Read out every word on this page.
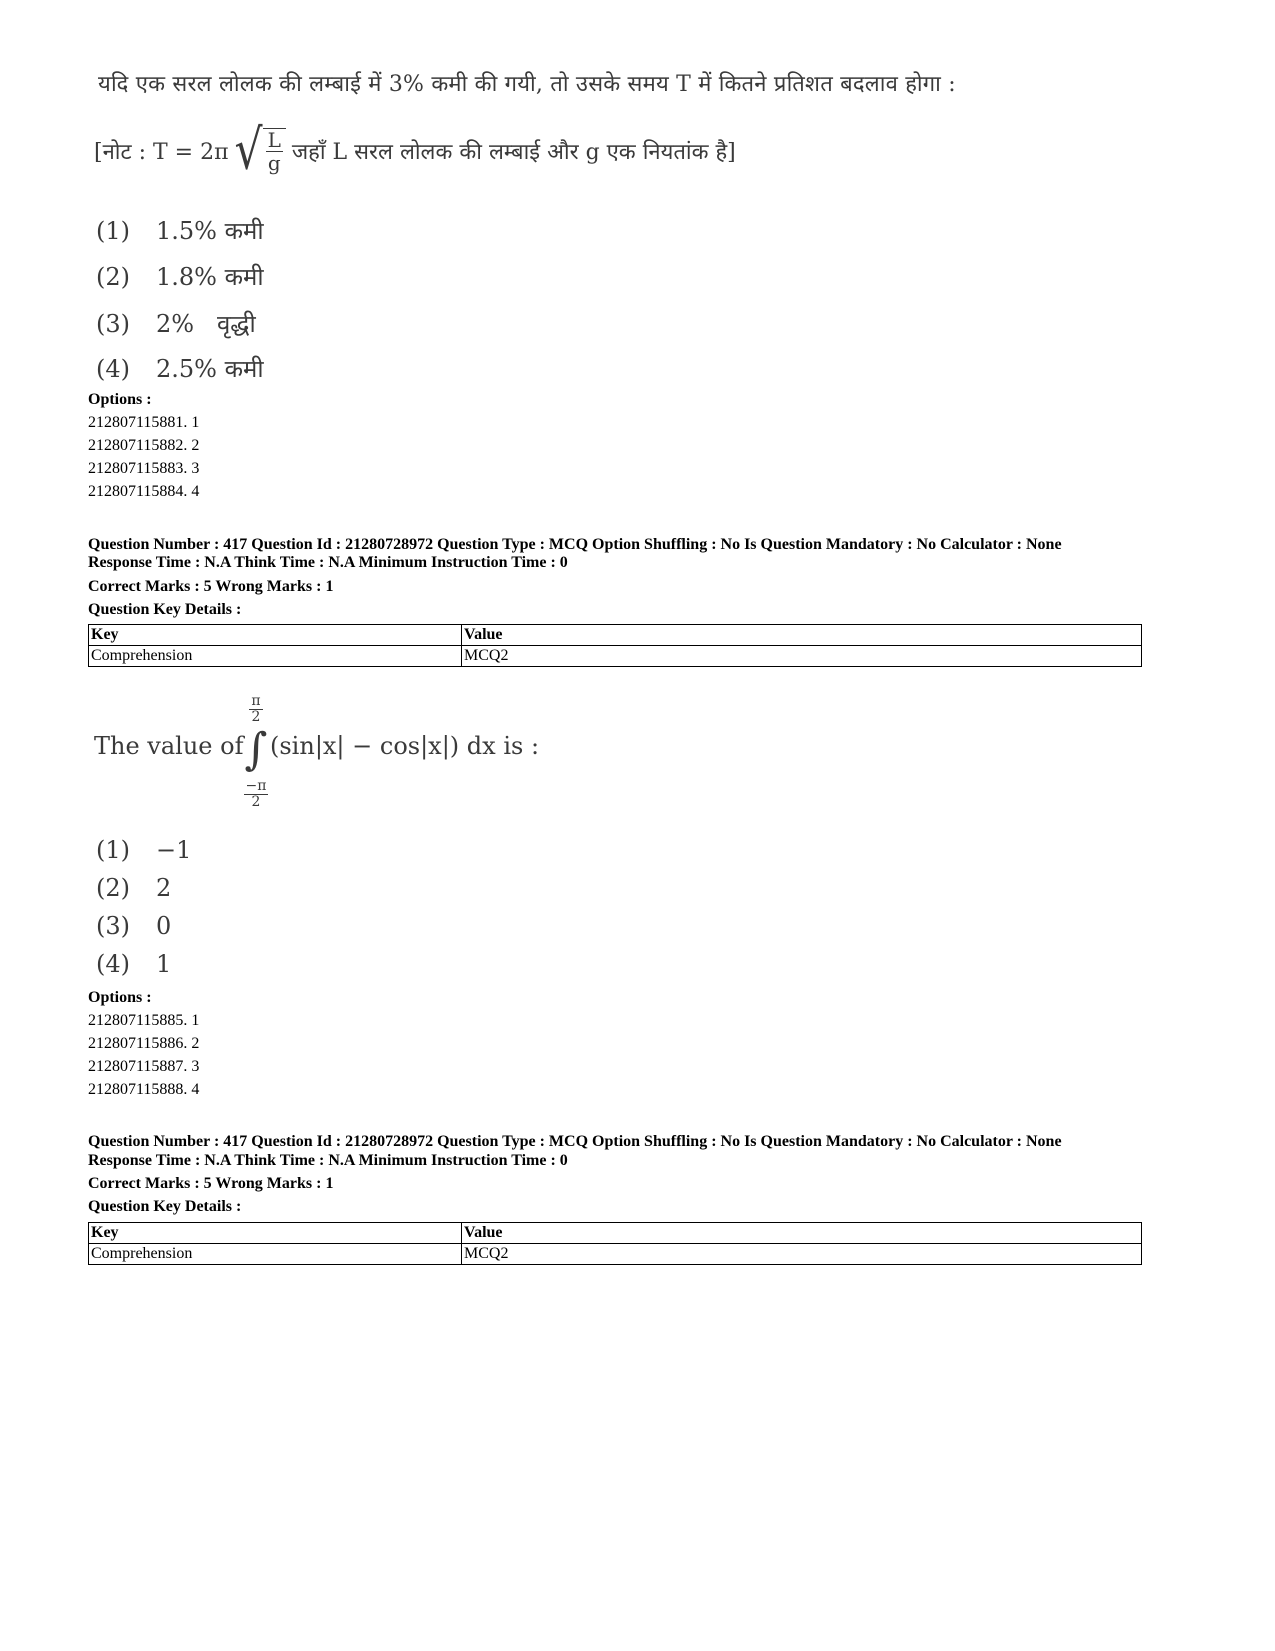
यदि एक सरल लोलक की लम्बाई में 3% कमी की गयी, तो उसके समय T में कितने प्रतिशत बदलाव होगा :
[नोट : T = 2π √ $\frac{L}{g}$ जहाँ L सरल लोलक की लम्बाई और g एक नियतांक है]
(1) 1.5% कमी
(2) 1.8% कमी
(3) 2%   वृद्धी
(4) 2.5% कमी
Options :
212807115881. 1
212807115882. 2
212807115883. 3
212807115884. 4
Question Number : 417 Question Id : 21280728972 Question Type : MCQ Option Shuffling : No Is Question Mandatory : No Calculator : None
Response Time : N.A Think Time : N.A Minimum Instruction Time : 0
Correct Marks : 5 Wrong Marks : 1
Question Key Details :
Key	Value
Comprehension	MCQ2
The value of
$\frac{\pi}{2}$
∫
$\frac{-\pi}{2}$
(sin|x| − cos|x|) dx is :
(1) −1
(2) 2
(3) 0
(4) 1
Options :
212807115885. 1
212807115886. 2
212807115887. 3
212807115888. 4
Question Number : 417 Question Id : 21280728972 Question Type : MCQ Option Shuffling : No Is Question Mandatory : No Calculator : None
Response Time : N.A Think Time : N.A Minimum Instruction Time : 0
Correct Marks : 5 Wrong Marks : 1
Question Key Details :
Key	Value
Comprehension	MCQ2
